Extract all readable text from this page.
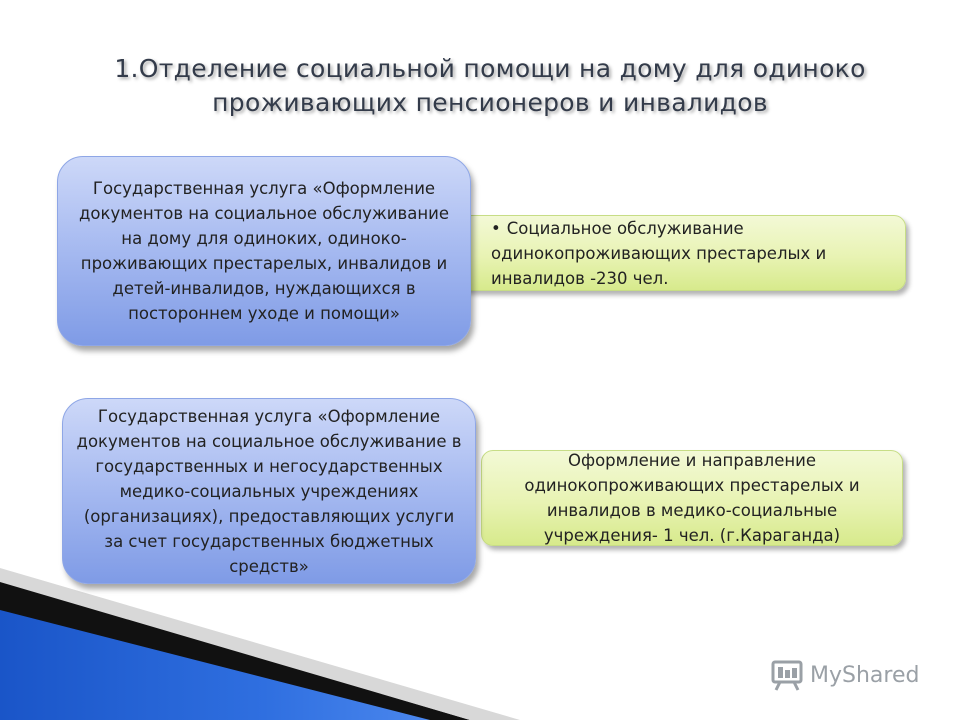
1.Отделение социальной помощи на дому для одиноко
проживающих пенсионеров и инвалидов
Государственная услуга «Оформление документов на социальное обслуживание на дому для одиноких, одиноко-проживающих престарелых, инвалидов и детей-инвалидов, нуждающихся в постороннем уходе и помощи»
• Социальное обслуживание одинокопроживающих престарелых и инвалидов -230 чел.
Государственная услуга «Оформление документов на социальное обслуживание в государственных и негосударственных медико-социальных учреждениях (организациях), предоставляющих услуги за счет государственных бюджетных средств»
Оформление и направление одинокопроживающих престарелых и инвалидов в медико-социальные учреждения- 1 чел. (г.Караганда)
MyShared
